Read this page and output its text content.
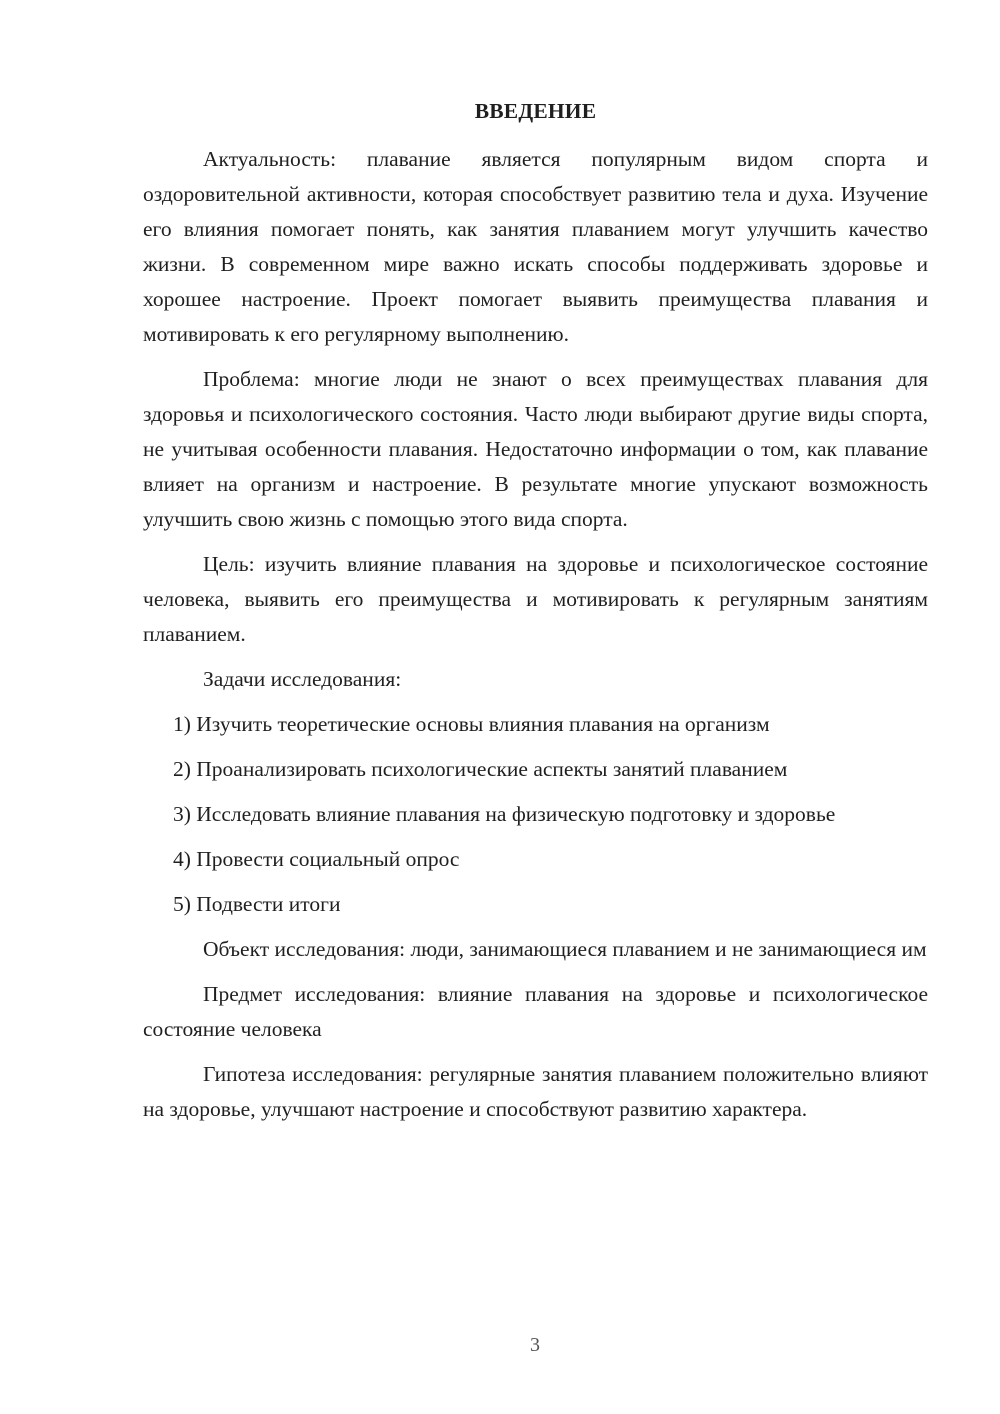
ВВЕДЕНИЕ

Актуальность: плавание является популярным видом спорта и оздоровительной активности, которая способствует развитию тела и духа. Изучение его влияния помогает понять, как занятия плаванием могут улучшить качество жизни. В современном мире важно искать способы поддерживать здоровье и хорошее настроение. Проект помогает выявить преимущества плавания и мотивировать к его регулярному выполнению.

Проблема: многие люди не знают о всех преимуществах плавания для здоровья и психологического состояния. Часто люди выбирают другие виды спорта, не учитывая особенности плавания. Недостаточно информации о том, как плавание влияет на организм и настроение. В результате многие упускают возможность улучшить свою жизнь с помощью этого вида спорта.

Цель: изучить влияние плавания на здоровье и психологическое состояние человека, выявить его преимущества и мотивировать к регулярным занятиям плаванием.

Задачи исследования:

1) Изучить теоретические основы влияния плавания на организм

2) Проанализировать психологические аспекты занятий плаванием

3) Исследовать влияние плавания на физическую подготовку и здоровье

4) Провести социальный опрос

5) Подвести итоги

Объект исследования: люди, занимающиеся плаванием и не занимающиеся им

Предмет исследования: влияние плавания на здоровье и психологическое состояние человека

Гипотеза исследования: регулярные занятия плаванием положительно влияют на здоровье, улучшают настроение и способствуют развитию характера.

3
